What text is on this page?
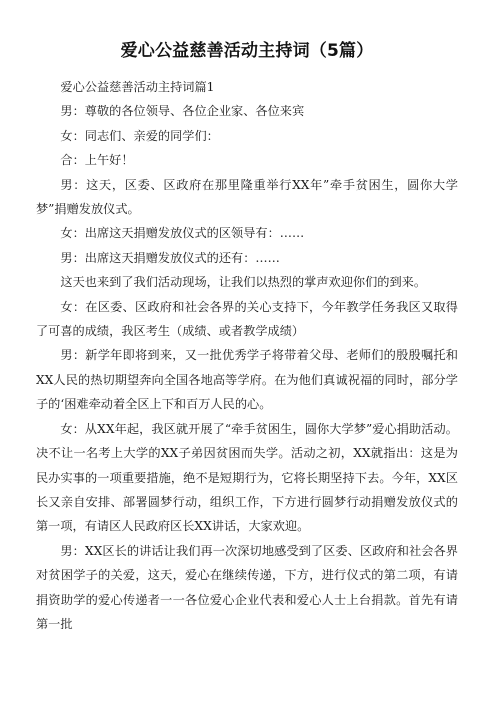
爱心公益慈善活动主持词（5篇）

爱心公益慈善活动主持词篇1

男：尊敬的各位领导、各位企业家、各位来宾

女：同志们、亲爱的同学们：

合：上午好！

男：这天，区委、区政府在那里隆重举行XX年”牵手贫困生，圆你大学梦”捐赠发放仪式。

女：出席这天捐赠发放仪式的区领导有：……

男：出席这天捐赠发放仪式的还有：……

这天也来到了我们活动现场，让我们以热烈的掌声欢迎你们的到来。

女：在区委、区政府和社会各界的关心支持下，今年教学任务我区又取得了可喜的成绩，我区考生（成绩、或者教学成绩）

男：新学年即将到来，又一批优秀学子将带着父母、老师们的殷殷嘱托和XX人民的热切期望奔向全国各地高等学府。在为他们真诚祝福的同时，部分学子的‘困难牵动着全区上下和百万人民的心。

女：从XX年起，我区就开展了“牵手贫困生，圆你大学梦”爱心捐助活动。决不让一名考上大学的XX子弟因贫困而失学。活动之初，XX就指出：这是为民办实事的一项重要措施，绝不是短期行为，它将长期坚持下去。今年，XX区长又亲自安排、部署圆梦行动，组织工作，下方进行圆梦行动捐赠发放仪式的第一项，有请区人民政府区长XX讲话，大家欢迎。

男：XX区长的讲话让我们再一次深切地感受到了区委、区政府和社会各界对贫困学子的关爱，这天，爱心在继续传递，下方，进行仪式的第二项，有请捐资助学的爱心传递者一一各位爱心企业代表和爱心人士上台捐款。首先有请第一批
